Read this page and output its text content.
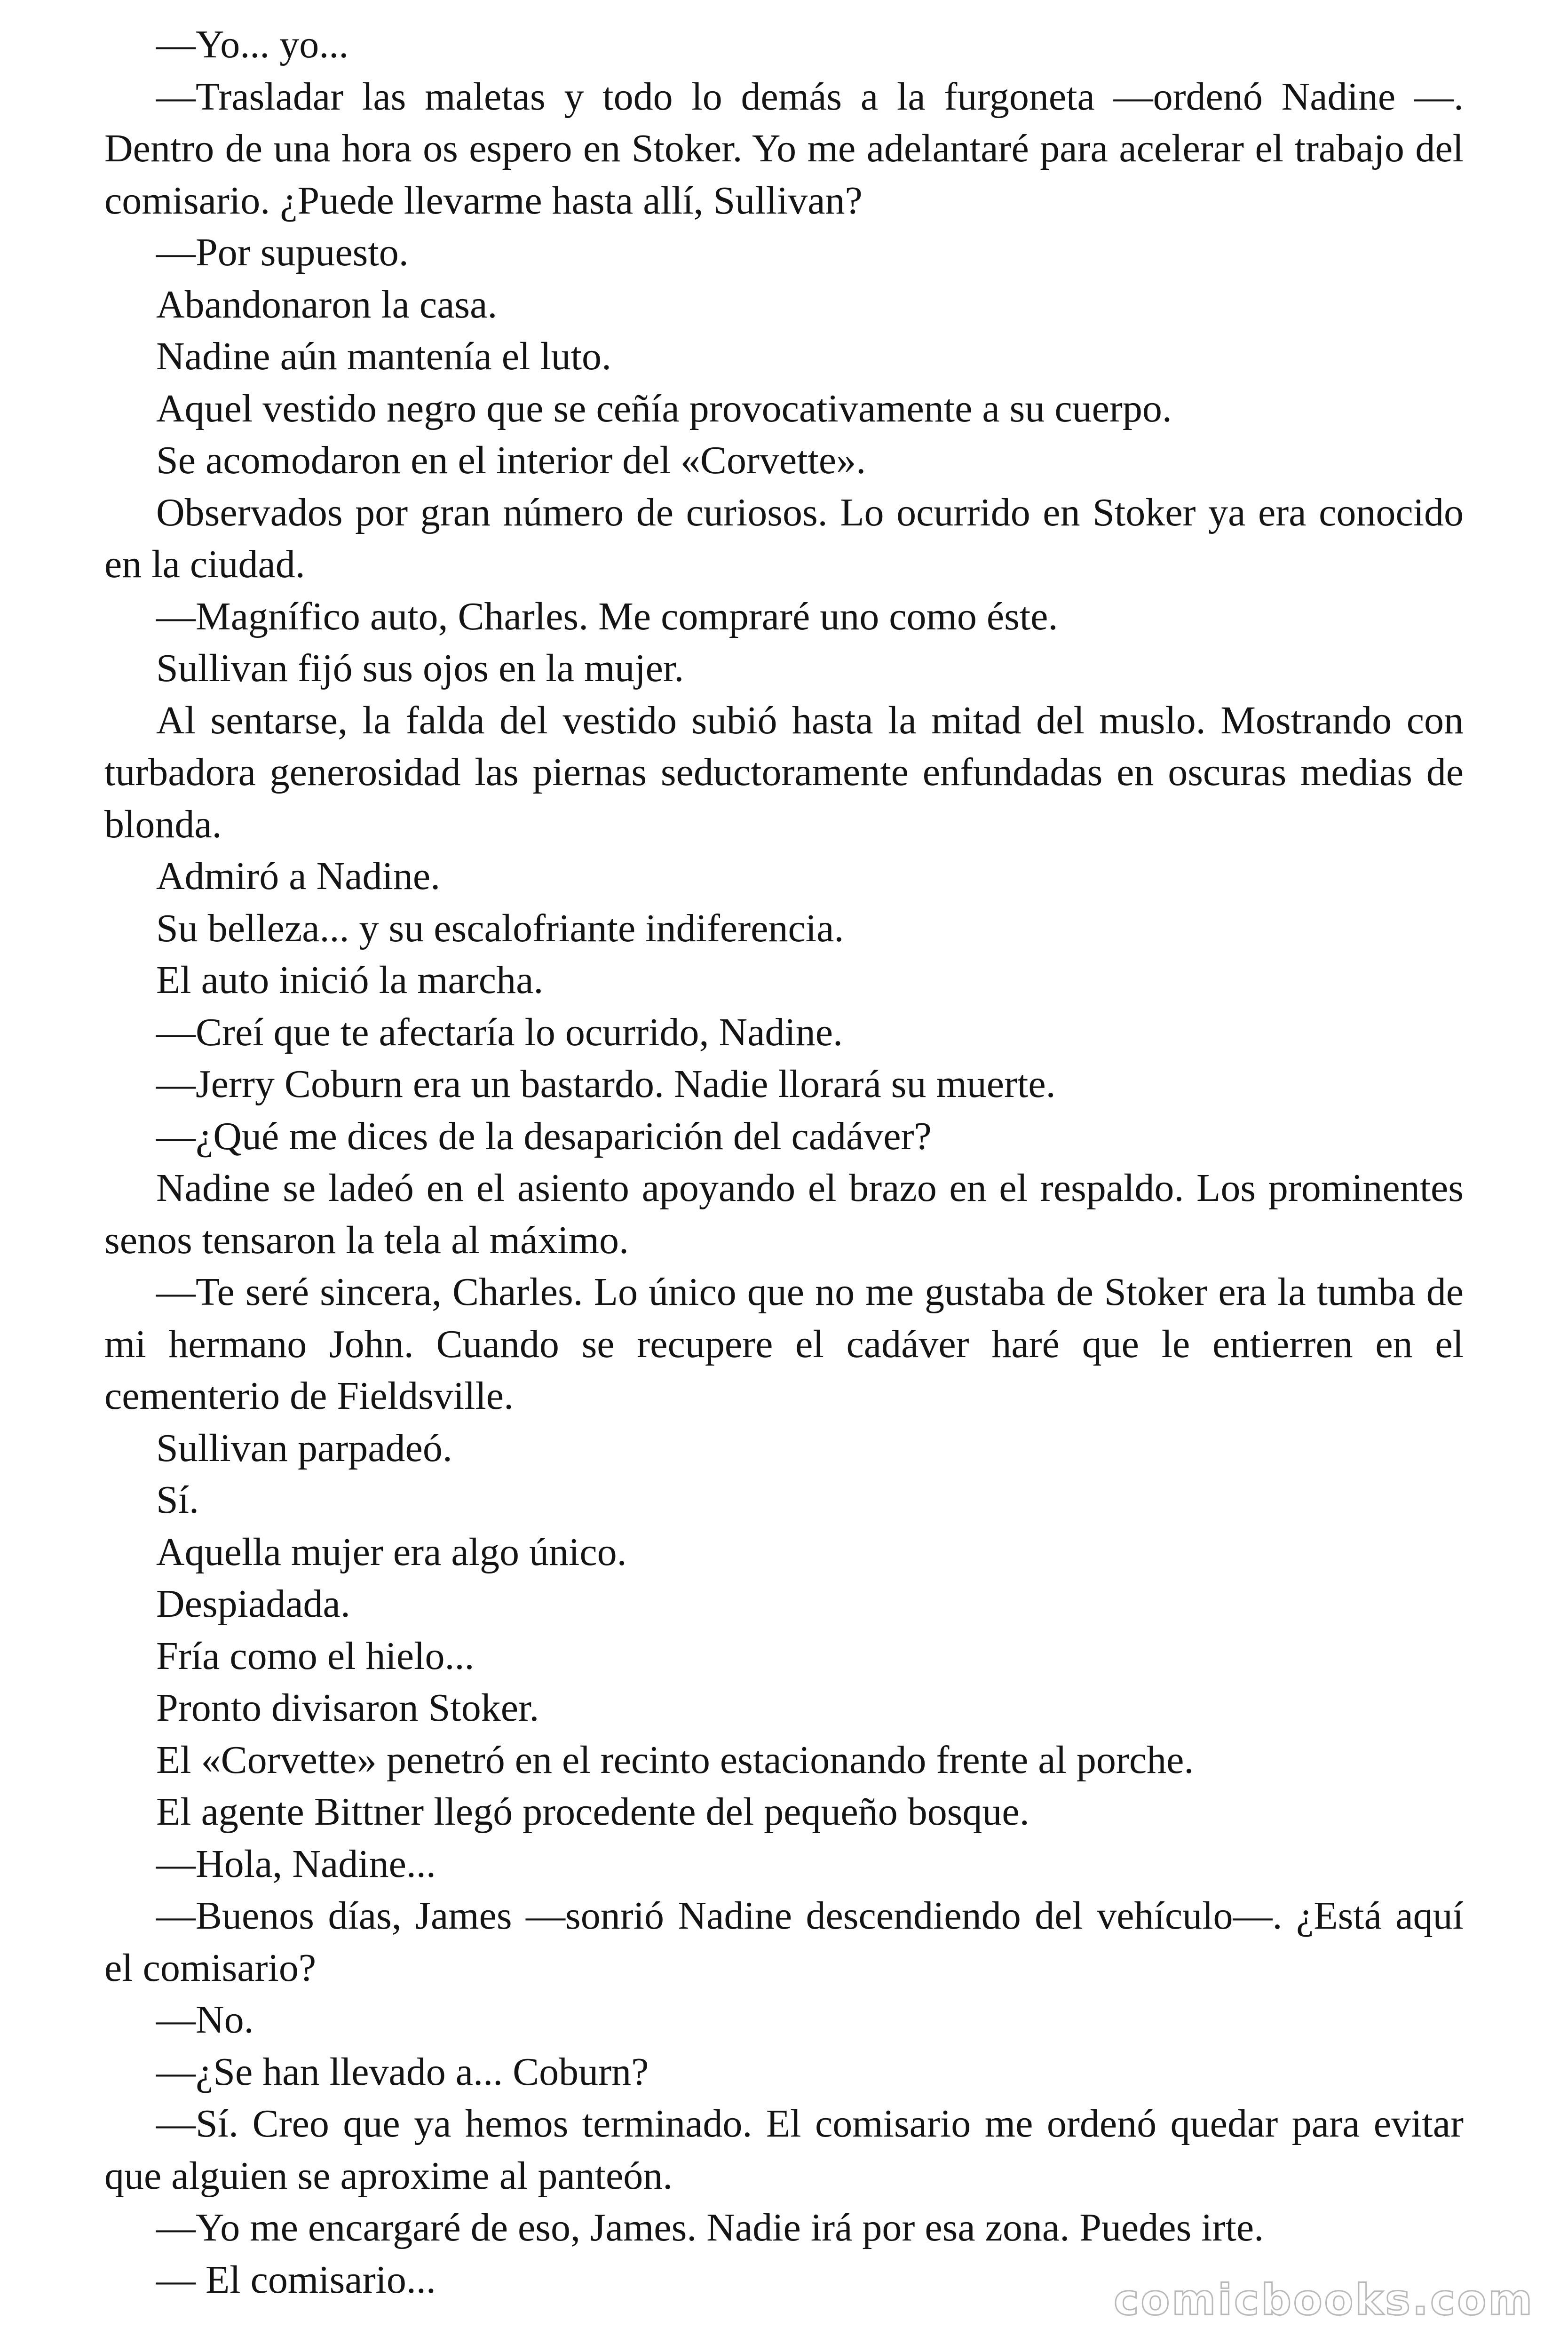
—Yo... yo...

—Trasladar las maletas y todo lo demás a la furgoneta —ordenó Nadine —. Dentro de una hora os espero en Stoker. Yo me adelantaré para acelerar el trabajo del comisario. ¿Puede llevarme hasta allí, Sullivan?

—Por supuesto.

Abandonaron la casa.

Nadine aún mantenía el luto.

Aquel vestido negro que se ceñía provocativamente a su cuerpo.

Se acomodaron en el interior del «Corvette».

Observados por gran número de curiosos. Lo ocurrido en Stoker ya era conocido en la ciudad.

—Magnífico auto, Charles. Me compraré uno como éste.

Sullivan fijó sus ojos en la mujer.

Al sentarse, la falda del vestido subió hasta la mitad del muslo. Mostrando con turbadora generosidad las piernas seductoramente enfundadas en oscuras medias de blonda.

Admiró a Nadine.

Su belleza... y su escalofriante indiferencia.

El auto inició la marcha.

—Creí que te afectaría lo ocurrido, Nadine.

—Jerry Coburn era un bastardo. Nadie llorará su muerte.

—¿Qué me dices de la desaparición del cadáver?

Nadine se ladeó en el asiento apoyando el brazo en el respaldo. Los prominentes senos tensaron la tela al máximo.

—Te seré sincera, Charles. Lo único que no me gustaba de Stoker era la tumba de mi hermano John. Cuando se recupere el cadáver haré que le entierren en el cementerio de Fieldsville.

Sullivan parpadeó.

Sí.

Aquella mujer era algo único.

Despiadada.

Fría como el hielo...

Pronto divisaron Stoker.

El «Corvette» penetró en el recinto estacionando frente al porche.

El agente Bittner llegó procedente del pequeño bosque.

—Hola, Nadine...

—Buenos días, James —sonrió Nadine descendiendo del vehículo—. ¿Está aquí el comisario?

—No.

—¿Se han llevado a... Coburn?

—Sí. Creo que ya hemos terminado. El comisario me ordenó quedar para evitar que alguien se aproxime al panteón.

—Yo me encargaré de eso, James. Nadie irá por esa zona. Puedes irte.

— El comisario...	comicbooks.com
